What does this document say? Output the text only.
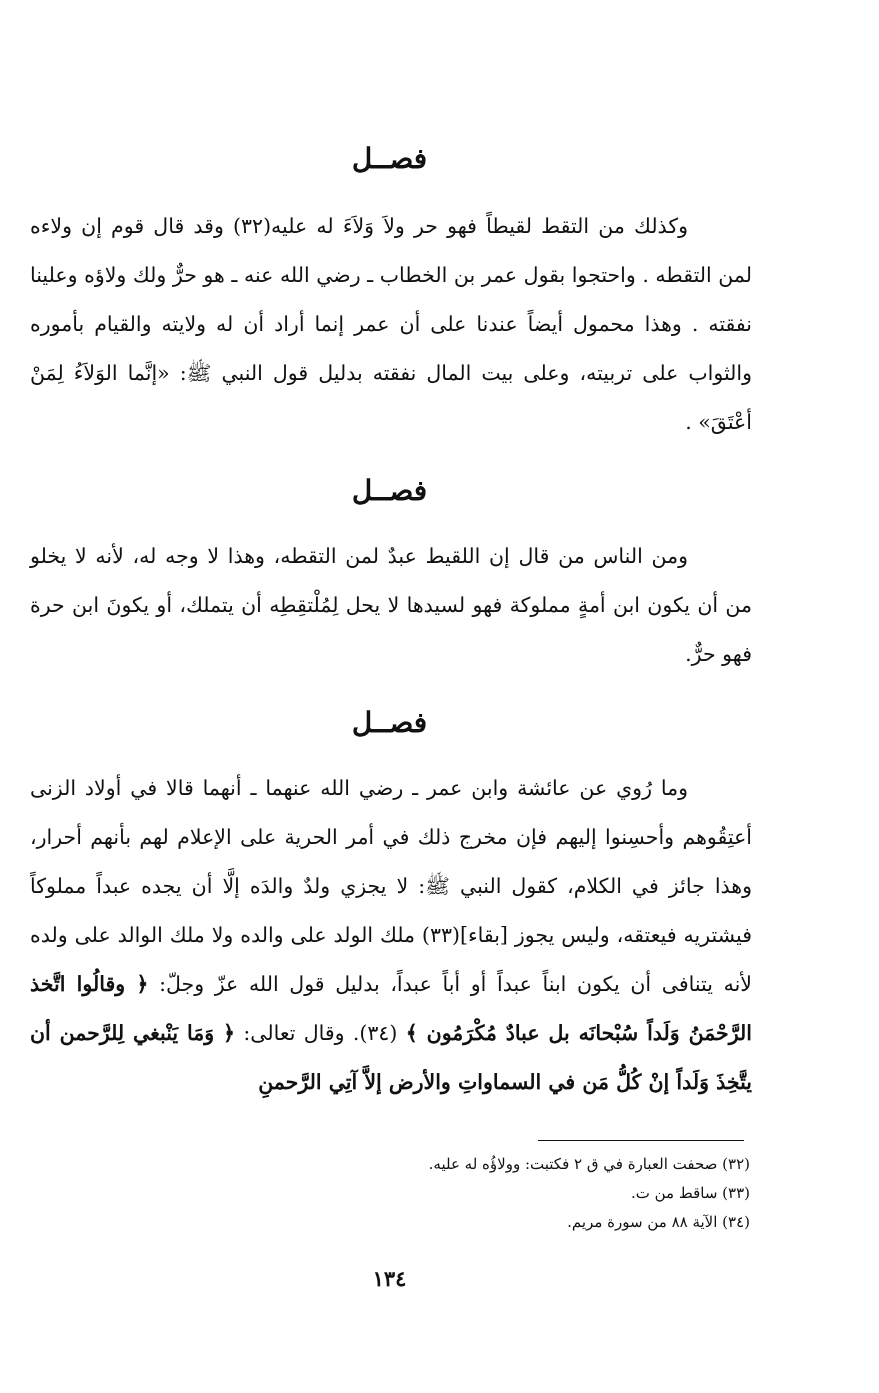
فصــل

وكذلك من التقط لقيطاً فهو حر ولاَ وَلاَءَ له عليه(٣٢) وقد قال قوم إن ولاءه لمن التقطه . واحتجوا بقول عمر بن الخطاب ـ رضي الله عنه ـ هو حرٌّ ولك ولاؤه وعلينا نفقته . وهذا محمول أيضاً عندنا على أن عمر إنما أراد أن له ولايته والقيام بأموره والثواب على تربيته، وعلى بيت المال نفقته بدليل قول النبي ﷺ: «إنَّما الوَلاَءُ لِمَنْ أعْتَقَ» .

فصــل

ومن الناس من قال إن اللقيط عبدٌ لمن التقطه، وهذا لا وجه له، لأنه لا يخلو من أن يكون ابن أمةٍ مملوكة فهو لسيدها لا يحل لِمُلْتقِطِه أن يتملك، أو يكونَ ابن حرة فهو حرٌّ.

فصــل

وما رُوي عن عائشة وابن عمر ـ رضي الله عنهما ـ أنهما قالا في أولاد الزنى أعتِقُوهم وأحسِنوا إليهم فإن مخرج ذلك في أمر الحرية على الإعلام لهم بأنهم أحرار، وهذا جائز في الكلام، كقول النبي ﷺ: لا يجزي ولدٌ والدَه إلَّا أن يجده عبداً مملوكاً فيشتريه فيعتقه، وليس يجوز [بقاء](٣٣) ملك الولد على والده ولا ملك الوالد على ولده لأنه يتنافى أن يكون ابناً عبداً أو أباً عبداً، بدليل قول الله عزّ وجلّ: ﴿ وقالُوا اتَّخذ الرَّحْمَنُ وَلَداً سُبْحانَه بل عبادٌ مُكْرَمُون ﴾ (٣٤). وقال تعالى: ﴿ وَمَا يَنْبغي لِلرَّحمن أن يتَّخِذَ وَلَداً إنْ كُلُّ مَن في السماواتِ والأرض إلاَّ آتِي الرَّحمنِ

(٣٢) صحفت العبارة في ق ٢ فكتبت: وولاؤُه له عليه.

(٣٣) ساقط من ت.

(٣٤) الآية ٨٨ من سورة مريم.

١٣٤
